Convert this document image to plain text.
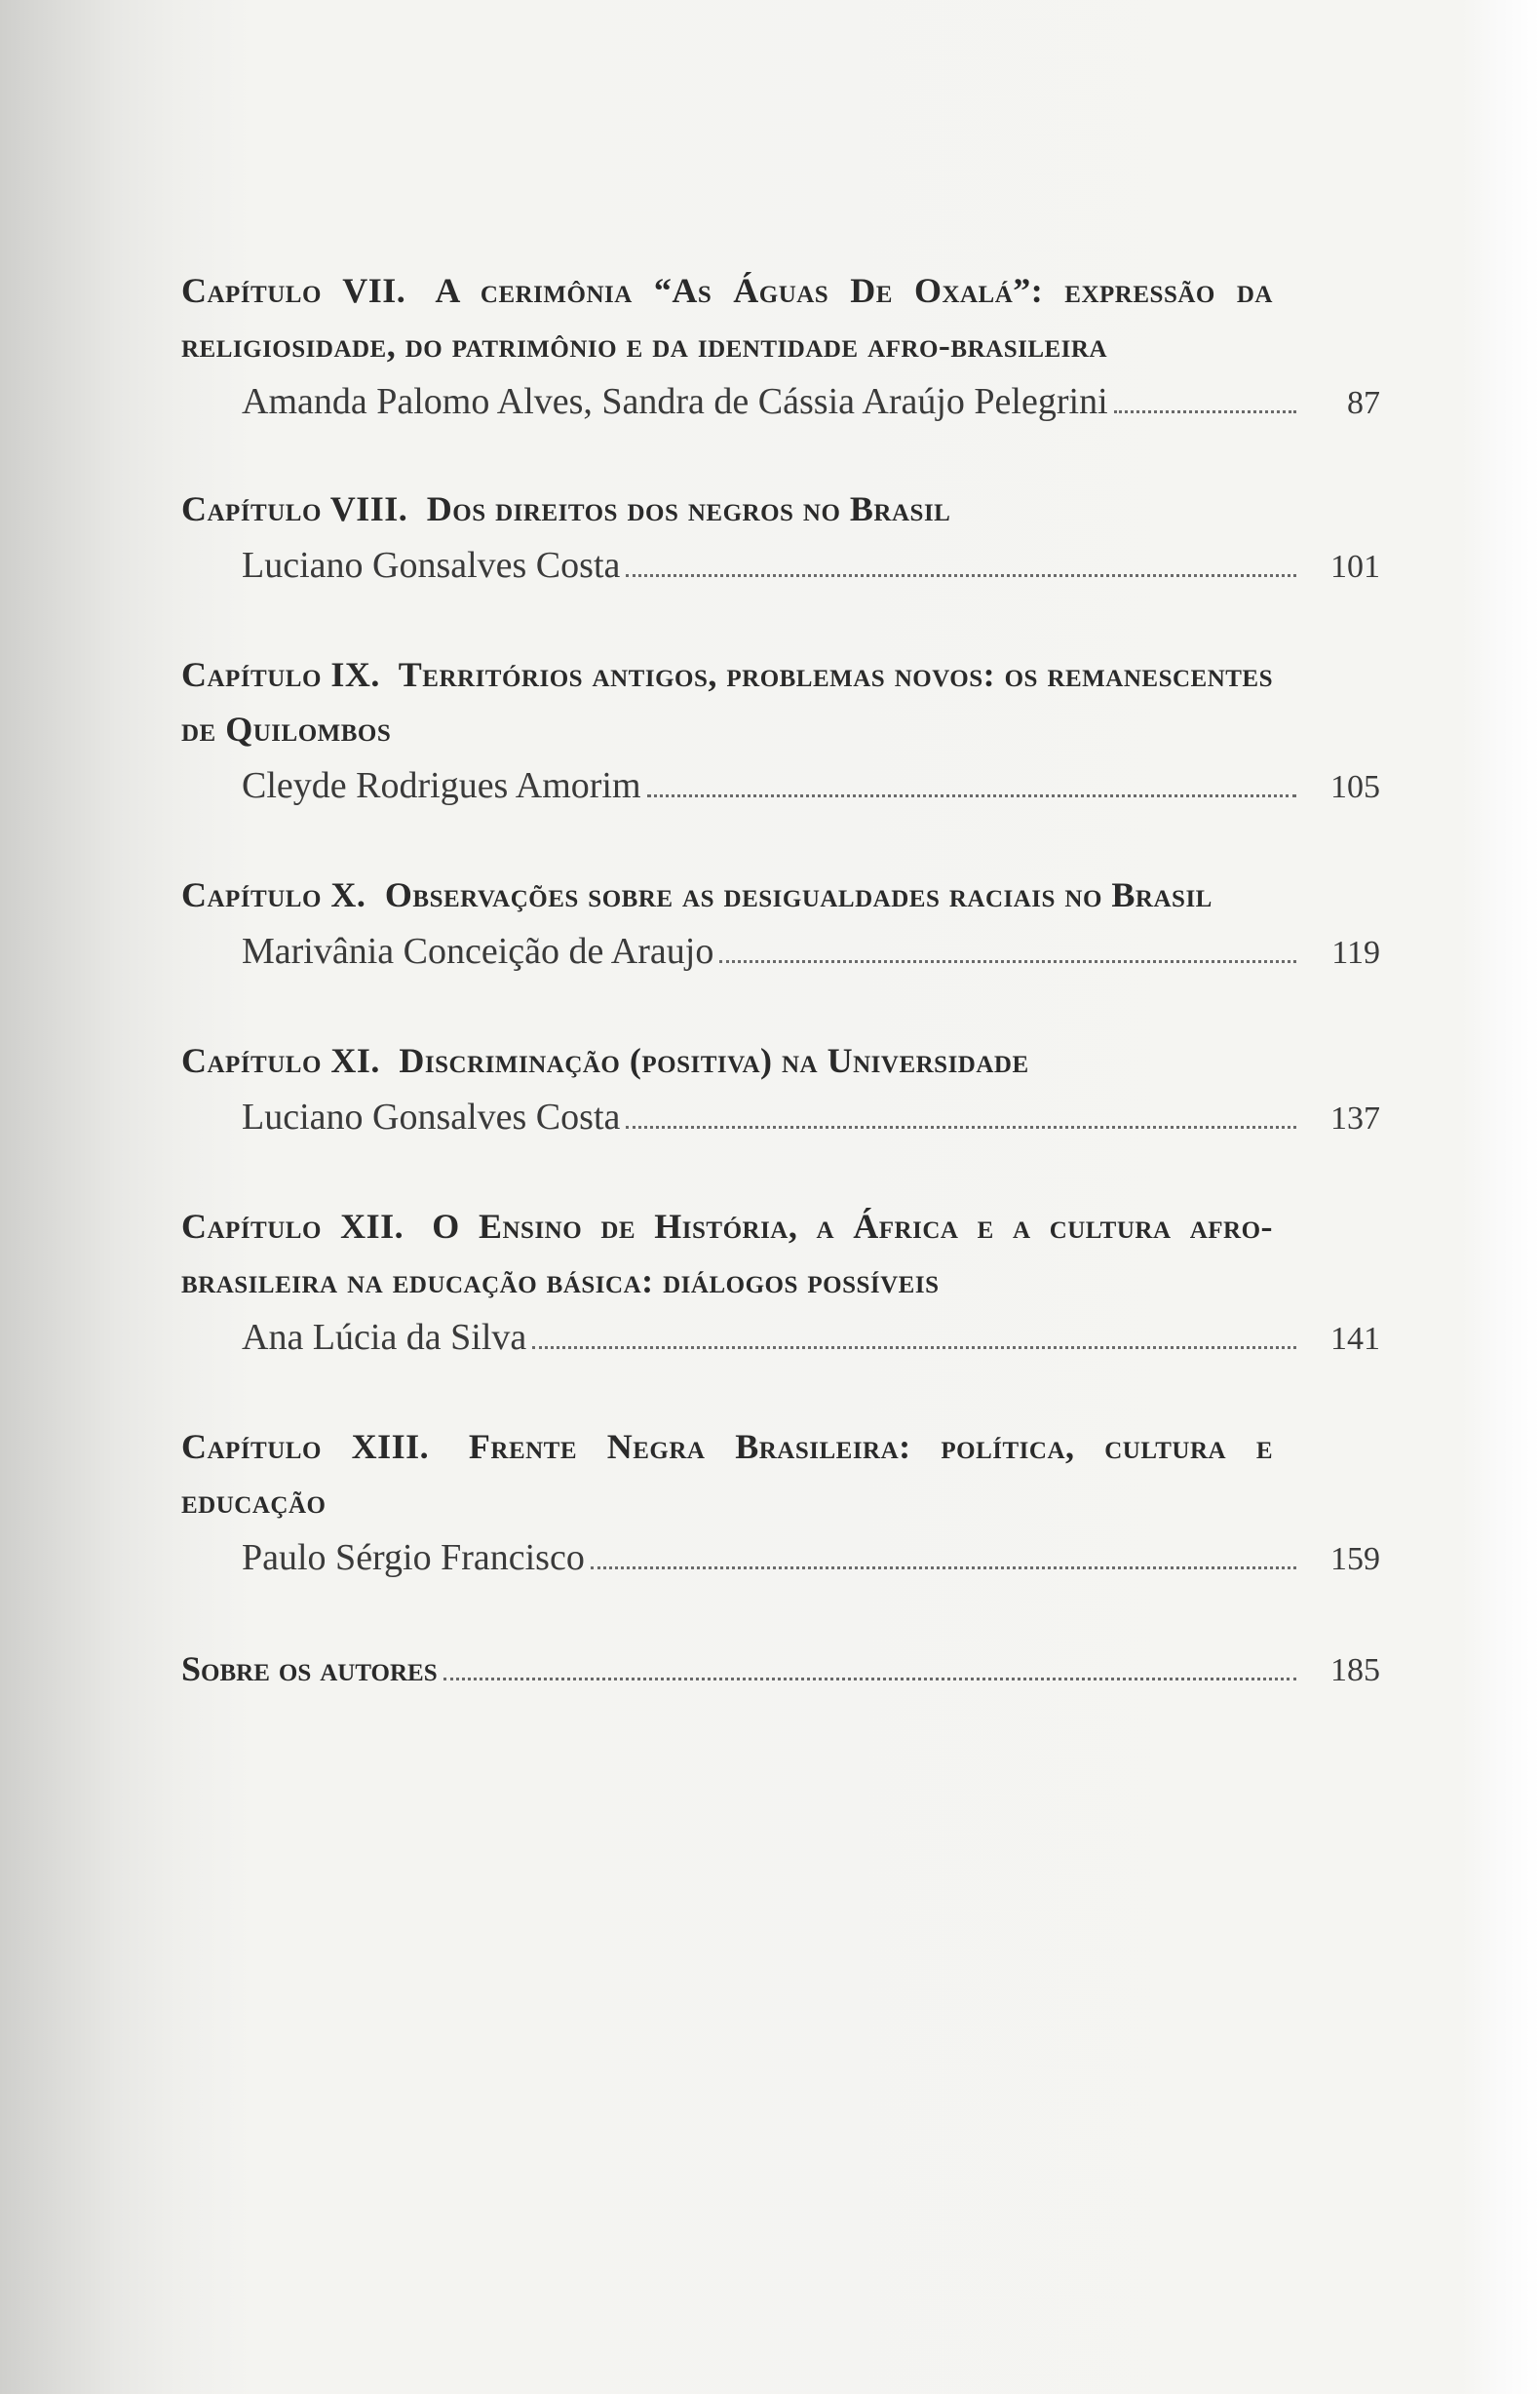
Capítulo VII. A cerimônia “As Águas De Oxalá”: expressão da religiosidade, do patrimônio e da identidade afro-brasileira
Amanda Palomo Alves, Sandra de Cássia Araújo Pelegrini	87
Capítulo VIII. Dos direitos dos negros no Brasil
Luciano Gonsalves Costa	101
Capítulo IX. Territórios antigos, problemas novos: os remanescentes de Quilombos
Cleyde Rodrigues Amorim	105
Capítulo X. Observações sobre as desigualdades raciais no Brasil
Marivânia Conceição de Araujo	119
Capítulo XI. Discriminação (positiva) na Universidade
Luciano Gonsalves Costa	137
Capítulo XII. O Ensino de História, a África e a cultura afro-brasileira na educação básica: diálogos possíveis
Ana Lúcia da Silva	141
Capítulo XIII. Frente Negra Brasileira: política, cultura e educação
Paulo Sérgio Francisco	159
Sobre os autores	185
